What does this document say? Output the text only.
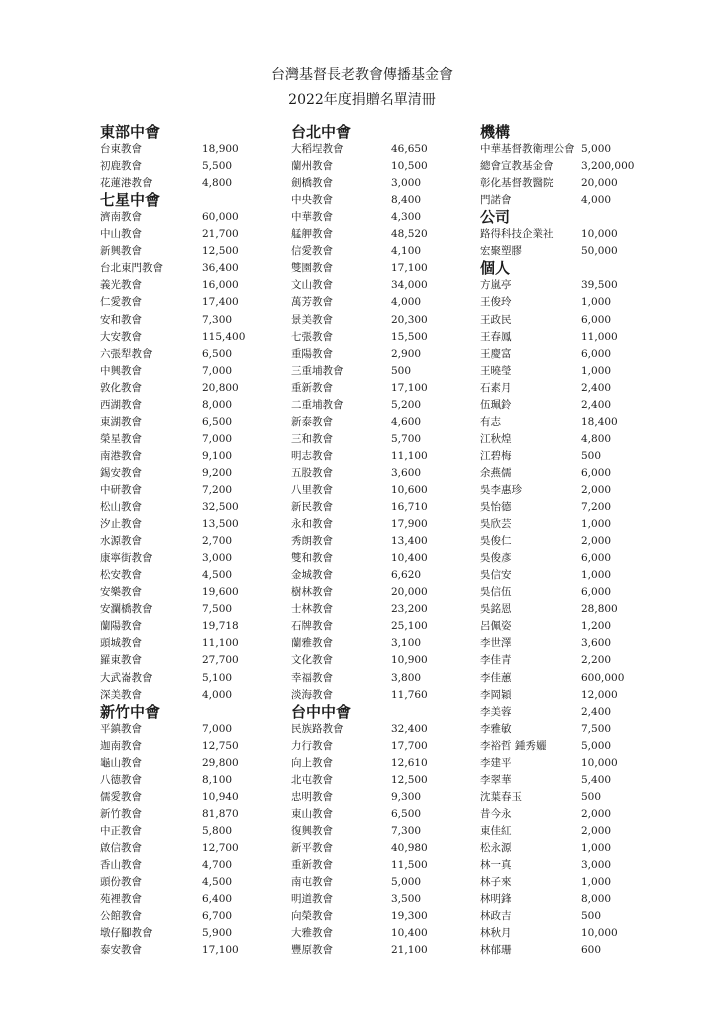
台灣基督長老教會傳播基金會
2022年度捐贈名單清冊
東部中會
台東教會	18,900
初鹿教會	5,500
花蓮港教會	4,800
七星中會
濟南教會	60,000
中山教會	21,700
新興教會	12,500
台北東門教會	36,400
義光教會	16,000
仁愛教會	17,400
安和教會	7,300
大安教會	115,400
六張犁教會	6,500
中興教會	7,000
敦化教會	20,800
西湖教會	8,000
東湖教會	6,500
榮星教會	7,000
南港教會	9,100
錫安教會	9,200
中研教會	7,200
松山教會	32,500
汐止教會	13,500
水源教會	2,700
康寧街教會	3,000
松安教會	4,500
安樂教會	19,600
安瀾橋教會	7,500
蘭陽教會	19,718
頭城教會	11,100
羅東教會	27,700
大武崙教會	5,100
深美教會	4,000
新竹中會
平鎮教會	7,000
迦南教會	12,750
龜山教會	29,800
八德教會	8,100
儒愛教會	10,940
新竹教會	81,870
中正教會	5,800
啟信教會	12,700
香山教會	4,700
頭份教會	4,500
苑裡教會	6,400
公館教會	6,700
墩仔腳教會	5,900
泰安教會	17,100
台北中會
大稻埕教會	46,650
蘭州教會	10,500
劍橋教會	3,000
中央教會	8,400
中華教會	4,300
艋舺教會	48,520
信愛教會	4,100
雙園教會	17,100
文山教會	34,000
萬芳教會	4,000
景美教會	20,300
七張教會	15,500
重陽教會	2,900
三重埔教會	500
重新教會	17,100
二重埔教會	5,200
新泰教會	4,600
三和教會	5,700
明志教會	11,100
五股教會	3,600
八里教會	10,600
新民教會	16,710
永和教會	17,900
秀朗教會	13,400
雙和教會	10,400
金城教會	6,620
樹林教會	20,000
士林教會	23,200
石牌教會	25,100
蘭雅教會	3,100
文化教會	10,900
幸福教會	3,800
淡海教會	11,760
台中中會
民族路教會	32,400
力行教會	17,700
向上教會	12,610
北屯教會	12,500
忠明教會	9,300
東山教會	6,500
復興教會	7,300
新平教會	40,980
重新教會	11,500
南屯教會	5,000
明道教會	3,500
向榮教會	19,300
大雅教會	10,400
豐原教會	21,100
機構
中華基督教衛理公會 5,000
總會宣教基金會	3,200,000
彰化基督教醫院	20,000
門諾會	4,000
公司
路得科技企業社	10,000
宏聚塑膠	50,000
個人
方嵐亭	39,500
王俊玲	1,000
王政民	6,000
王春鳳	11,000
王慶富	6,000
王曉瑩	1,000
石素月	2,400
伍珮鈴	2,400
有志	18,400
江秋煌	4,800
江碧梅	500
余燕儒	6,000
吳李惠珍	2,000
吳怡德	7,200
吳欣芸	1,000
吳俊仁	2,000
吳俊彥	6,000
吳信安	1,000
吳信伍	6,000
吳銘恩	28,800
呂佩姿	1,200
李世澤	3,600
李佳青	2,200
李佳蕙	600,000
李岡穎	12,000
李美蓉	2,400
李雅敏	7,500
李裕哲 鍾秀孋	5,000
李建平	10,000
李翠華	5,400
沈葉春玉	500
昔今永	2,000
東佳紅	2,000
松永源	1,000
林一真	3,000
林子來	1,000
林明鋒	8,000
林政吉	500
林秋月	10,000
林郁珊	600
